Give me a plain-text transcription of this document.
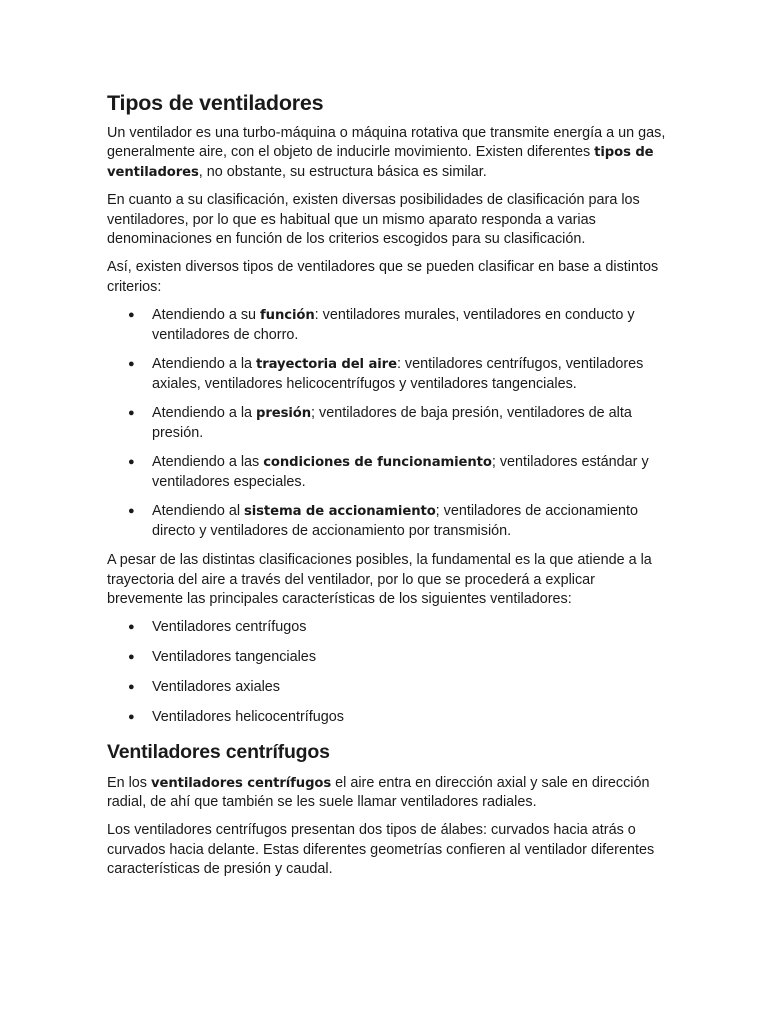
Tipos de ventiladores

Un ventilador es una turbo-máquina o máquina rotativa que transmite energía a un gas, generalmente aire, con el objeto de inducirle movimiento. Existen diferentes tipos de ventiladores, no obstante, su estructura básica es similar.

En cuanto a su clasificación, existen diversas posibilidades de clasificación para los ventiladores, por lo que es habitual que un mismo aparato responda a varias denominaciones en función de los criterios escogidos para su clasificación.

Así, existen diversos tipos de ventiladores que se pueden clasificar en base a distintos criterios:

● Atendiendo a su función: ventiladores murales, ventiladores en conducto y ventiladores de chorro.
● Atendiendo a la trayectoria del aire: ventiladores centrífugos, ventiladores axiales, ventiladores helicocentrífugos y ventiladores tangenciales.
● Atendiendo a la presión; ventiladores de baja presión, ventiladores de alta presión.
● Atendiendo a las condiciones de funcionamiento; ventiladores estándar y ventiladores especiales.
● Atendiendo al sistema de accionamiento; ventiladores de accionamiento directo y ventiladores de accionamiento por transmisión.

A pesar de las distintas clasificaciones posibles, la fundamental es la que atiende a la trayectoria del aire a través del ventilador, por lo que se procederá a explicar brevemente las principales características de los siguientes ventiladores:

● Ventiladores centrífugos
● Ventiladores tangenciales
● Ventiladores axiales
● Ventiladores helicocentrífugos
Ventiladores centrífugos

En los ventiladores centrífugos el aire entra en dirección axial y sale en dirección radial, de ahí que también se les suele llamar ventiladores radiales.

Los ventiladores centrífugos presentan dos tipos de álabes: curvados hacia atrás o curvados hacia delante. Estas diferentes geometrías confieren al ventilador diferentes características de presión y caudal.
